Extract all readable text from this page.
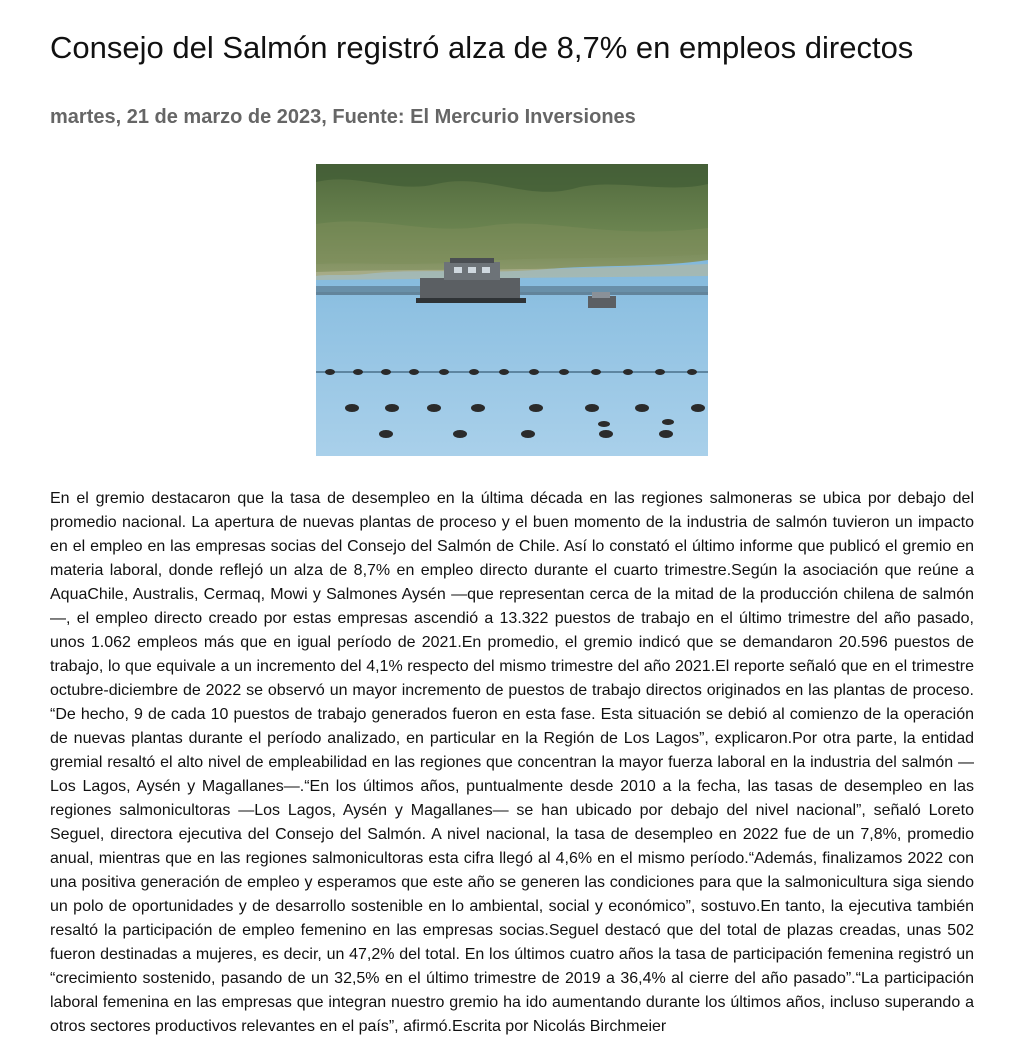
Consejo del Salmón registró alza de 8,7% en empleos directos
martes, 21 de marzo de 2023, Fuente: El Mercurio Inversiones

En el gremio destacaron que la tasa de desempleo en la última década en las regiones salmoneras se ubica por debajo del promedio nacional. La apertura de nuevas plantas de proceso y el buen momento de la industria de salmón tuvieron un impacto en el empleo en las empresas socias del Consejo del Salmón de Chile. Así lo constató el último informe que publicó el gremio en materia laboral, donde reflejó un alza de 8,7% en empleo directo durante el cuarto trimestre.Según la asociación que reúne a AquaChile, Australis, Cermaq, Mowi y Salmones Aysén —que representan cerca de la mitad de la producción chilena de salmón —, el empleo directo creado por estas empresas ascendió a 13.322 puestos de trabajo en el último trimestre del año pasado, unos 1.062 empleos más que en igual período de 2021.En promedio, el gremio indicó que se demandaron 20.596 puestos de trabajo, lo que equivale a un incremento del 4,1% respecto del mismo trimestre del año 2021.El reporte señaló que en el trimestre octubre-diciembre de 2022 se observó un mayor incremento de puestos de trabajo directos originados en las plantas de proceso. “De hecho, 9 de cada 10 puestos de trabajo generados fueron en esta fase. Esta situación se debió al comienzo de la operación de nuevas plantas durante el período analizado, en particular en la Región de Los Lagos”, explicaron.Por otra parte, la entidad gremial resaltó el alto nivel de empleabilidad en las regiones que concentran la mayor fuerza laboral en la industria del salmón —Los Lagos, Aysén y Magallanes—.“En los últimos años, puntualmente desde 2010 a la fecha, las tasas de desempleo en las regiones salmonicultoras —Los Lagos, Aysén y Magallanes— se han ubicado por debajo del nivel nacional”, señaló Loreto Seguel, directora ejecutiva del Consejo del Salmón. A nivel nacional, la tasa de desempleo en 2022 fue de un 7,8%, promedio anual, mientras que en las regiones salmonicultoras esta cifra llegó al 4,6% en el mismo período.“Además, finalizamos 2022 con una positiva generación de empleo y esperamos que este año se generen las condiciones para que la salmonicultura siga siendo un polo de oportunidades y de desarrollo sostenible en lo ambiental, social y económico”, sostuvo.En tanto, la ejecutiva también resaltó la participación de empleo femenino en las empresas socias.Seguel destacó que del total de plazas creadas, unas 502 fueron destinadas a mujeres, es decir, un 47,2% del total. En los últimos cuatro años la tasa de participación femenina registró un “crecimiento sostenido, pasando de un 32,5% en el último trimestre de 2019 a 36,4% al cierre del año pasado”.“La participación laboral femenina en las empresas que integran nuestro gremio ha ido aumentando durante los últimos años, incluso superando a otros sectores productivos relevantes en el país”, afirmó.Escrita por Nicolás Birchmeier
